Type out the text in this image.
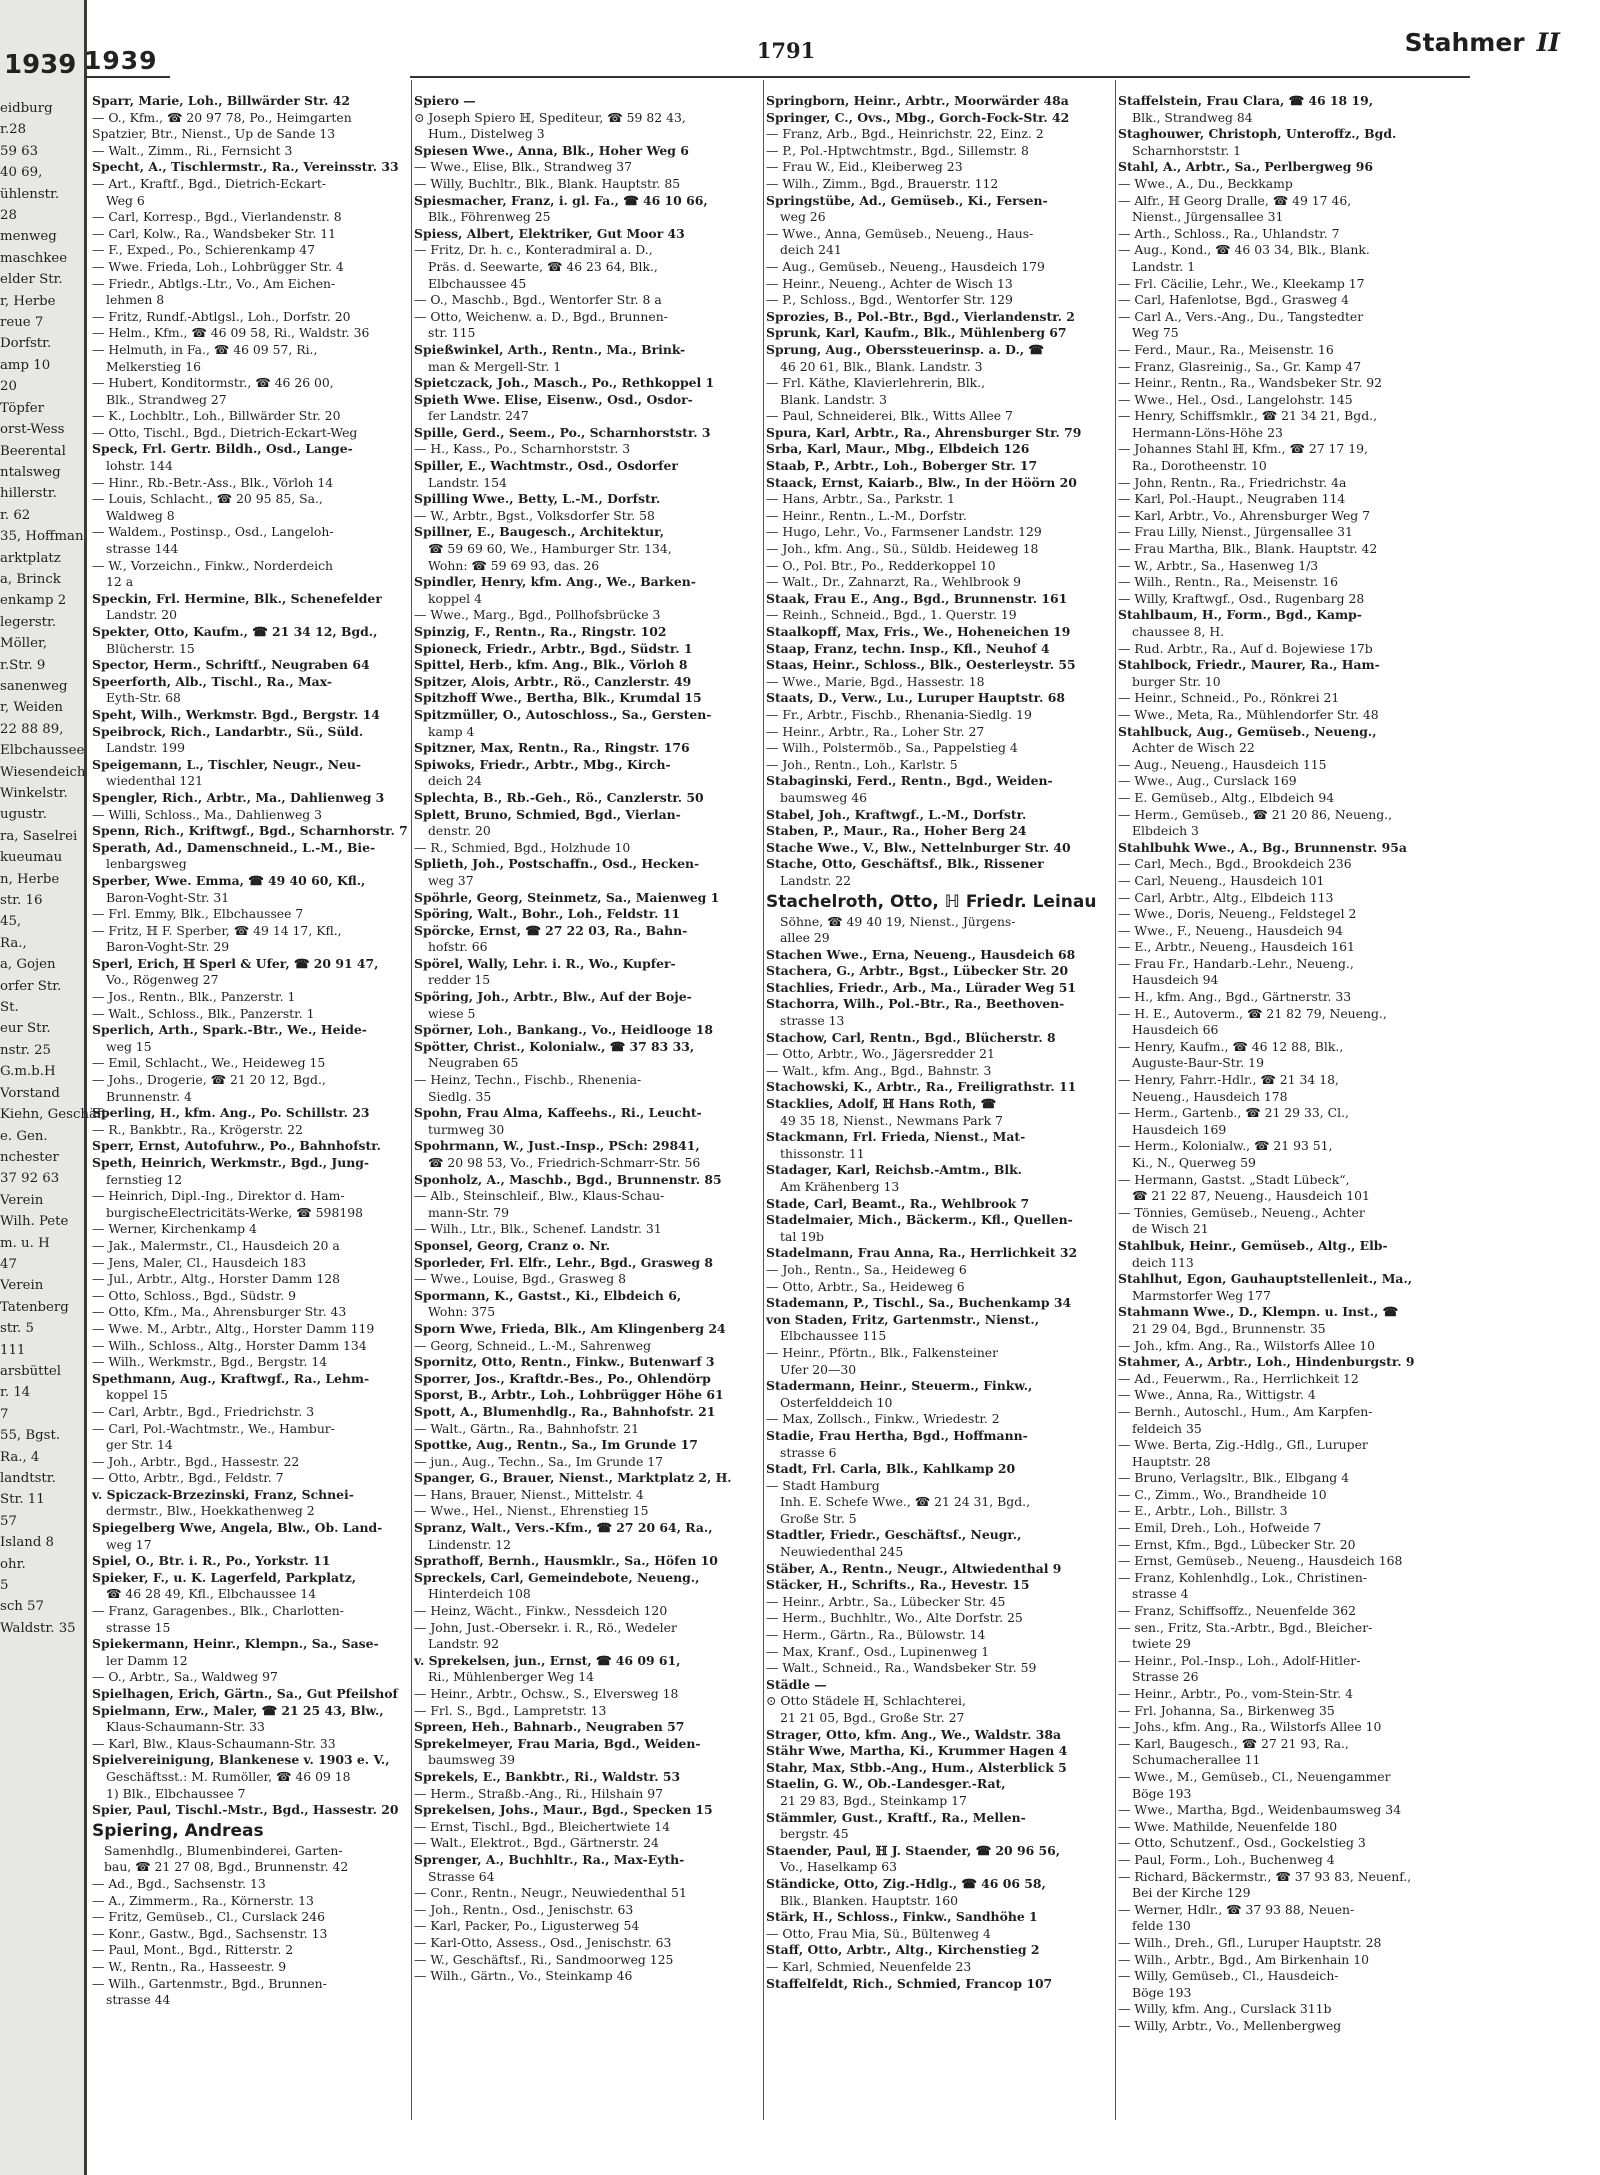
1939
eidburg
r.28
59 63
40 69,
ühlenstr.
28
menweg
maschkee
elder Str.
r, Herbe
reue 7
Dorfstr.
amp 10
20
Töpfer
orst-Wess
Beerental
ntalsweg
hillerstr.
r. 62
35, Hoffman
arktplatz
a, Brinck
enkamp 2
legerstr.
Möller,
r.Str. 9
sanenweg
r, Weiden
22 88 89,
Elbchaussee
Wiesendeich
Winkelstr.
ugustr.
ra, Saselrei
kueumau
n, Herbe
str. 16
45,
Ra.,
a, Gojen
orfer Str.
St.
eur Str.
nstr. 25
G.m.b.H
Vorstand
Kiehn, Geschäft
e. Gen.
nchester
37 92 63
Verein
Wilh. Pete
m. u. H
47
Verein
Tatenberg
str. 5
111
arsbüttel
r. 14
7
55, Bgst.
Ra., 4
landtstr.
Str. 11
57
Island 8
ohr.
5
sch 57
Waldstr. 35
1939	1791	Stahmer II
Sparr, Marie, Loh., Billwärder Str. 42
— O., Kfm., ☎ 20 97 78, Po., Heimgarten
Spatzier, Btr., Nienst., Up de Sande 13
— Walt., Zimm., Ri., Fernsicht 3
Specht, A., Tischlermstr., Ra., Vereinsstr. 33
— Art., Kraftf., Bgd., Dietrich-Eckart-
Weg 6
— Carl, Korresp., Bgd., Vierlandenstr. 8
— Carl, Kolw., Ra., Wandsbeker Str. 11
— F., Exped., Po., Schierenkamp 47
— Wwe. Frieda, Loh., Lohbrügger Str. 4
— Friedr., Abtlgs.-Ltr., Vo., Am Eichen-
lehmen 8
— Fritz, Rundf.-Abtlgsl., Loh., Dorfstr. 20
— Helm., Kfm., ☎ 46 09 58, Ri., Waldstr. 36
— Helmuth, in Fa., ☎ 46 09 57, Ri.,
Melkerstieg 16
— Hubert, Konditormstr., ☎ 46 26 00,
Blk., Strandweg 27
— K., Lochbltr., Loh., Billwärder Str. 20
— Otto, Tischl., Bgd., Dietrich-Eckart-Weg
Speck, Frl. Gertr. Bildh., Osd., Lange-
lohstr. 144
— Hinr., Rb.-Betr.-Ass., Blk., Vörloh 14
— Louis, Schlacht., ☎ 20 95 85, Sa.,
Waldweg 8
— Waldem., Postinsp., Osd., Langeloh-
strasse 144
— W., Vorzeichn., Finkw., Norderdeich
12 a
Speckin, Frl. Hermine, Blk., Schenefelder
Landstr. 20
Spekter, Otto, Kaufm., ☎ 21 34 12, Bgd.,
Blücherstr. 15
Spector, Herm., Schriftf., Neugraben 64
Speerforth, Alb., Tischl., Ra., Max-
Eyth-Str. 68
Speht, Wilh., Werkmstr. Bgd., Bergstr. 14
Speibrock, Rich., Landarbtr., Sü., Süld.
Landstr. 199
Speigemann, L., Tischler, Neugr., Neu-
wiedenthal 121
Spengler, Rich., Arbtr., Ma., Dahlienweg 3
— Willi, Schloss., Ma., Dahlienweg 3
Spenn, Rich., Kriftwgf., Bgd., Scharnhorstr. 7
Sperath, Ad., Damenschneid., L.-M., Bie-
lenbargsweg
Sperber, Wwe. Emma, ☎ 49 40 60, Kfl.,
Baron-Voght-Str. 31
— Frl. Emmy, Blk., Elbchaussee 7
— Fritz, ℍ F. Sperber, ☎ 49 14 17, Kfl.,
Baron-Voght-Str. 29
Sperl, Erich, ℍ Sperl & Ufer, ☎ 20 91 47,
Vo., Rögenweg 27
— Jos., Rentn., Blk., Panzerstr. 1
— Walt., Schloss., Blk., Panzerstr. 1
Sperlich, Arth., Spark.-Btr., We., Heide-
weg 15
— Emil, Schlacht., We., Heideweg 15
— Johs., Drogerie, ☎ 21 20 12, Bgd.,
Brunnenstr. 4
Sperling, H., kfm. Ang., Po. Schillstr. 23
— R., Bankbtr., Ra., Krögerstr. 22
Sperr, Ernst, Autofuhrw., Po., Bahnhofstr.
Speth, Heinrich, Werkmstr., Bgd., Jung-
fernstieg 12
— Heinrich, Dipl.-Ing., Direktor d. Ham-
burgischeElectricitäts-Werke, ☎ 598198
— Werner, Kirchenkamp 4
— Jak., Malermstr., Cl., Hausdeich 20 a
— Jens, Maler, Cl., Hausdeich 183
— Jul., Arbtr., Altg., Horster Damm 128
— Otto, Schloss., Bgd., Südstr. 9
— Otto, Kfm., Ma., Ahrensburger Str. 43
— Wwe. M., Arbtr., Altg., Horster Damm 119
— Wilh., Schloss., Altg., Horster Damm 134
— Wilh., Werkmstr., Bgd., Bergstr. 14
Spethmann, Aug., Kraftwgf., Ra., Lehm-
koppel 15
— Carl, Arbtr., Bgd., Friedrichstr. 3
— Carl, Pol.-Wachtmstr., We., Hambur-
ger Str. 14
— Joh., Arbtr., Bgd., Hassestr. 22
— Otto, Arbtr., Bgd., Feldstr. 7
v. Spiczack-Brzezinski, Franz, Schnei-
dermstr., Blw., Hoekkathenweg 2
Spiegelberg Wwe, Angela, Blw., Ob. Land-
weg 17
Spiel, O., Btr. i. R., Po., Yorkstr. 11
Spieker, F., u. K. Lagerfeld, Parkplatz,
☎ 46 28 49, Kfl., Elbchaussee 14
— Franz, Garagenbes., Blk., Charlotten-
strasse 15
Spiekermann, Heinr., Klempn., Sa., Sase-
ler Damm 12
— O., Arbtr., Sa., Waldweg 97
Spielhagen, Erich, Gärtn., Sa., Gut Pfeilshof
Spielmann, Erw., Maler, ☎ 21 25 43, Blw.,
Klaus-Schaumann-Str. 33
— Karl, Blw., Klaus-Schaumann-Str. 33
Spielvereinigung, Blankenese v. 1903 e. V.,
Geschäftsst.: M. Rumöller, ☎ 46 09 18
1) Blk., Elbchaussee 7
Spier, Paul, Tischl.-Mstr., Bgd., Hassestr. 20
Spiering, Andreas
Samenhdlg., Blumenbinderei, Garten-
bau, ☎ 21 27 08, Bgd., Brunnenstr. 42
— Ad., Bgd., Sachsenstr. 13
— A., Zimmerm., Ra., Körnerstr. 13
— Fritz, Gemüseb., Cl., Curslack 246
— Konr., Gastw., Bgd., Sachsenstr. 13
— Paul, Mont., Bgd., Ritterstr. 2
— W., Rentn., Ra., Hasseestr. 9
— Wilh., Gartenmstr., Bgd., Brunnen-
strasse 44
Spiero —
⊙ Joseph Spiero ℍ, Spediteur, ☎ 59 82 43,
Hum., Distelweg 3
Spiesen Wwe., Anna, Blk., Hoher Weg 6
— Wwe., Elise, Blk., Strandweg 37
— Willy, Buchltr., Blk., Blank. Hauptstr. 85
Spiesmacher, Franz, i. gl. Fa., ☎ 46 10 66,
Blk., Föhrenweg 25
Spiess, Albert, Elektriker, Gut Moor 43
— Fritz, Dr. h. c., Konteradmiral a. D.,
Präs. d. Seewarte, ☎ 46 23 64, Blk.,
Elbchaussee 45
— O., Maschb., Bgd., Wentorfer Str. 8 a
— Otto, Weichenw. a. D., Bgd., Brunnen-
str. 115
Spießwinkel, Arth., Rentn., Ma., Brink-
man & Mergell-Str. 1
Spietczack, Joh., Masch., Po., Rethkoppel 1
Spieth Wwe. Elise, Eisenw., Osd., Osdor-
fer Landstr. 247
Spille, Gerd., Seem., Po., Scharnhorststr. 3
— H., Kass., Po., Scharnhorststr. 3
Spiller, E., Wachtmstr., Osd., Osdorfer
Landstr. 154
Spilling Wwe., Betty, L.-M., Dorfstr.
— W., Arbtr., Bgst., Volksdorfer Str. 58
Spillner, E., Baugesch., Architektur,
☎ 59 69 60, We., Hamburger Str. 134,
Wohn: ☎ 59 69 93, das. 26
Spindler, Henry, kfm. Ang., We., Barken-
koppel 4
— Wwe., Marg., Bgd., Pollhofsbrücke 3
Spinzig, F., Rentn., Ra., Ringstr. 102
Spioneck, Friedr., Arbtr., Bgd., Südstr. 1
Spittel, Herb., kfm. Ang., Blk., Vörloh 8
Spitzer, Alois, Arbtr., Rö., Canzlerstr. 49
Spitzhoff Wwe., Bertha, Blk., Krumdal 15
Spitzmüller, O., Autoschloss., Sa., Gersten-
kamp 4
Spitzner, Max, Rentn., Ra., Ringstr. 176
Spiwoks, Friedr., Arbtr., Mbg., Kirch-
deich 24
Splechta, B., Rb.-Geh., Rö., Canzlerstr. 50
Splett, Bruno, Schmied, Bgd., Vierlan-
denstr. 20
— R., Schmied, Bgd., Holzhude 10
Splieth, Joh., Postschaffn., Osd., Hecken-
weg 37
Spöhrle, Georg, Steinmetz, Sa., Maienweg 1
Spöring, Walt., Bohr., Loh., Feldstr. 11
Spörcke, Ernst, ☎ 27 22 03, Ra., Bahn-
hofstr. 66
Spörel, Wally, Lehr. i. R., Wo., Kupfer-
redder 15
Spöring, Joh., Arbtr., Blw., Auf der Boje-
wiese 5
Spörner, Loh., Bankang., Vo., Heidloogе 18
Spötter, Christ., Kolonialw., ☎ 37 83 33,
Neugraben 65
— Heinz, Techn., Fischb., Rhenenia-
Siedlg. 35
Spohn, Frau Alma, Kaffeehs., Ri., Leucht-
turmweg 30
Spohrmann, W., Just.-Insp., PSch: 29841,
☎ 20 98 53, Vo., Friedrich-Schmarr-Str. 56
Sponholz, A., Maschb., Bgd., Brunnenstr. 85
— Alb., Steinschleif., Blw., Klaus-Schau-
mann-Str. 79
— Wilh., Ltr., Blk., Schenef. Landstr. 31
Sponsel, Georg, Cranz o. Nr.
Sporleder, Frl. Elfr., Lehr., Bgd., Grasweg 8
— Wwe., Louise, Bgd., Grasweg 8
Spormann, K., Gastst., Ki., Elbdeich 6,
Wohn: 375
Sporn Wwe, Frieda, Blk., Am Klingenberg 24
— Georg, Schneid., L.-M., Sahrenweg
Spornitz, Otto, Rentn., Finkw., Butenwarf 3
Sporrer, Jos., Kraftdr.-Bes., Po., Ohlendörp
Sporst, B., Arbtr., Loh., Lohbrügger Höhe 61
Spott, A., Blumenhdlg., Ra., Bahnhofstr. 21
— Walt., Gärtn., Ra., Bahnhofstr. 21
Spottke, Aug., Rentn., Sa., Im Grunde 17
— jun., Aug., Techn., Sa., Im Grunde 17
Spanger, G., Brauer, Nienst., Marktplatz 2, H.
— Hans, Brauer, Nienst., Mittelstr. 4
— Wwe., Hel., Nienst., Ehrenstieg 15
Spranz, Walt., Vers.-Kfm., ☎ 27 20 64, Ra.,
Lindenstr. 12
Sprathoff, Bernh., Hausmklr., Sa., Höfen 10
Spreckels, Carl, Gemeindebote, Neueng.,
Hinterdeich 108
— Heinz, Wächt., Finkw., Nessdeich 120
— John, Just.-Obersekr. i. R., Rö., Wedeler
Landstr. 92
v. Sprekelsen, jun., Ernst, ☎ 46 09 61,
Ri., Mühlenberger Weg 14
— Heinr., Arbtr., Ochsw., S., Elversweg 18
— Frl. S., Bgd., Lampretstr. 13
Spreen, Heh., Bahnarb., Neugraben 57
Sprekelmeyer, Frau Maria, Bgd., Weiden-
baumsweg 39
Sprekels, E., Bankbtr., Ri., Waldstr. 53
— Herm., Straßb.-Ang., Ri., Hilshain 97
Sprekelsen, Johs., Maur., Bgd., Specken 15
— Ernst, Tischl., Bgd., Bleichertwiete 14
— Walt., Elektrot., Bgd., Gärtnerstr. 24
Sprenger, A., Buchhltr., Ra., Max-Eyth-
Strasse 64
— Conr., Rentn., Neugr., Neuwiedenthal 51
— Joh., Rentn., Osd., Jenischstr. 63
— Karl, Packer, Po., Ligusterweg 54
— Karl-Otto, Assess., Osd., Jenischstr. 63
— W., Geschäftsf., Ri., Sandmoorweg 125
— Wilh., Gärtn., Vo., Steinkamp 46
Springborn, Heinr., Arbtr., Moorwärder 48a
Springer, C., Ovs., Mbg., Gorch-Fock-Str. 42
— Franz, Arb., Bgd., Heinrichstr. 22, Einz. 2
— P., Pol.-Hptwchtmstr., Bgd., Sillemstr. 8
— Frau W., Eid., Kleiberweg 23
— Wilh., Zimm., Bgd., Brauerstr. 112
Springstübe, Ad., Gemüseb., Ki., Fersen-
weg 26
— Wwe., Anna, Gemüseb., Neueng., Haus-
deich 241
— Aug., Gemüseb., Neueng., Hausdeich 179
— Heinr., Neueng., Achter de Wisch 13
— P., Schloss., Bgd., Wentorfer Str. 129
Sprozies, B., Pol.-Btr., Bgd., Vierlandenstr. 2
Sprunk, Karl, Kaufm., Blk., Mühlenberg 67
Sprung, Aug., Oberssteuerinsp. a. D., ☎
46 20 61, Blk., Blank. Landstr. 3
— Frl. Käthe, Klavierlehrerin, Blk.,
Blank. Landstr. 3
— Paul, Schneiderei, Blk., Witts Allee 7
Spura, Karl, Arbtr., Ra., Ahrensburger Str. 79
Srba, Karl, Maur., Mbg., Elbdeich 126
Staab, P., Arbtr., Loh., Boberger Str. 17
Staack, Ernst, Kaiarb., Blw., In der Höörn 20
— Hans, Arbtr., Sa., Parkstr. 1
— Heinr., Rentn., L.-M., Dorfstr.
— Hugo, Lehr., Vo., Farmsener Landstr. 129
— Joh., kfm. Ang., Sü., Süldb. Heideweg 18
— O., Pol. Btr., Po., Redderkoppel 10
— Walt., Dr., Zahnarzt, Ra., Wehlbrook 9
Staak, Frau E., Ang., Bgd., Brunnenstr. 161
— Reinh., Schneid., Bgd., 1. Querstr. 19
Staalkopff, Max, Fris., We., Hoheneichen 19
Staap, Franz, techn. Insp., Kfl., Neuhof 4
Staas, Heinr., Schloss., Blk., Oesterleystr. 55
— Wwe., Marie, Bgd., Hassestr. 18
Staats, D., Verw., Lu., Luruper Hauptstr. 68
— Fr., Arbtr., Fischb., Rhenania-Siedlg. 19
— Heinr., Arbtr., Ra., Loher Str. 27
— Wilh., Polstermöb., Sa., Pappelstieg 4
— Joh., Rentn., Loh., Karlstr. 5
Stabaginski, Ferd., Rentn., Bgd., Weiden-
baumsweg 46
Stabel, Joh., Kraftwgf., L.-M., Dorfstr.
Staben, P., Maur., Ra., Hoher Berg 24
Stache Wwe., V., Blw., Nettelnburger Str. 40
Stache, Otto, Geschäftsf., Blk., Rissener
Landstr. 22
Stachelroth, Otto, ℍ Friedr. Leinau
Söhne, ☎ 49 40 19, Nienst., Jürgens-
allee 29
Stachen Wwe., Erna, Neueng., Hausdeich 68
Stachera, G., Arbtr., Bgst., Lübecker Str. 20
Stachlies, Friedr., Arb., Ma., Lürader Weg 51
Stachorra, Wilh., Pol.-Btr., Ra., Beethoven-
strasse 13
Stachow, Carl, Rentn., Bgd., Blücherstr. 8
— Otto, Arbtr., Wo., Jägersredder 21
— Walt., kfm. Ang., Bgd., Bahnstr. 3
Stachowski, K., Arbtr., Ra., Freiligrathstr. 11
Stacklies, Adolf, ℍ Hans Roth, ☎
49 35 18, Nienst., Newmans Park 7
Stackmann, Frl. Frieda, Nienst., Mat-
thissonstr. 11
Stadager, Karl, Reichsb.-Amtm., Blk.
Am Krähenberg 13
Stade, Carl, Beamt., Ra., Wehlbrook 7
Stadelmaier, Mich., Bäckerm., Kfl., Quellen-
tal 19b
Stadelmann, Frau Anna, Ra., Herrlichkeit 32
— Joh., Rentn., Sa., Heideweg 6
— Otto, Arbtr., Sa., Heideweg 6
Stademann, P., Tischl., Sa., Buchenkamp 34
von Staden, Fritz, Gartenmstr., Nienst.,
Elbchaussee 115
— Heinr., Pförtn., Blk., Falkensteiner
Ufer 20—30
Stadermann, Heinr., Steuerm., Finkw.,
Osterfelddeich 10
— Max, Zollsch., Finkw., Wriedestr. 2
Stadie, Frau Hertha, Bgd., Hoffmann-
strasse 6
Stadt, Frl. Carla, Blk., Kahlkamp 20
— Stadt Hamburg
Inh. E. Schefe Wwe., ☎ 21 24 31, Bgd.,
Große Str. 5
Stadtler, Friedr., Geschäftsf., Neugr.,
Neuwiedenthal 245
Stäber, A., Rentn., Neugr., Altwiedenthal 9
Stäcker, H., Schrifts., Ra., Hevestr. 15
— Heinr., Arbtr., Sa., Lübecker Str. 45
— Herm., Buchhltr., Wo., Alte Dorfstr. 25
— Herm., Gärtn., Ra., Bülowstr. 14
— Max, Kranf., Osd., Lupinenweg 1
— Walt., Schneid., Ra., Wandsbeker Str. 59
Städle —
⊙ Otto Städele ℍ, Schlachterei,
21 21 05, Bgd., Große Str. 27
Strager, Otto, kfm. Ang., We., Waldstr. 38a
Stähr Wwe, Martha, Ki., Krummer Hagen 4
Stahr, Max, Stbb.-Ang., Hum., Alsterblick 5
Staelin, G. W., Ob.-Landesger.-Rat,
21 29 83, Bgd., Steinkamp 17
Stämmler, Gust., Kraftf., Ra., Mellen-
bergstr. 45
Staender, Paul, ℍ J. Staender, ☎ 20 96 56,
Vo., Haselkamp 63
Ständicke, Otto, Zig.-Hdlg., ☎ 46 06 58,
Blk., Blanken. Hauptstr. 160
Stärk, H., Schloss., Finkw., Sandhöhe 1
— Otto, Frau Mia, Sü., Bültenweg 4
Staff, Otto, Arbtr., Altg., Kirchenstieg 2
— Karl, Schmied, Neuenfelde 23
Staffelfeldt, Rich., Schmied, Francop 107
Staffelstein, Frau Clara, ☎ 46 18 19,
Blk., Strandweg 84
Staghouwer, Christoph, Unteroffz., Bgd.
Scharnhorststr. 1
Stahl, A., Arbtr., Sa., Perlbergweg 96
— Wwe., A., Du., Beckkamp
— Alfr., ℍ Georg Dralle, ☎ 49 17 46,
Nienst., Jürgensallee 31
— Arth., Schloss., Ra., Uhlandstr. 7
— Aug., Kond., ☎ 46 03 34, Blk., Blank.
Landstr. 1
— Frl. Cäcilie, Lehr., We., Kleekamp 17
— Carl, Hafenlotse, Bgd., Grasweg 4
— Carl A., Vers.-Ang., Du., Tangstedter
Weg 75
— Ferd., Maur., Ra., Meisenstr. 16
— Franz, Glasreinig., Sa., Gr. Kamp 47
— Heinr., Rentn., Ra., Wandsbeker Str. 92
— Wwe., Hel., Osd., Langelohstr. 145
— Henry, Schiffsmklr., ☎ 21 34 21, Bgd.,
Hermann-Löns-Höhe 23
— Johannes Stahl ℍ, Kfm., ☎ 27 17 19,
Ra., Dorotheenstr. 10
— John, Rentn., Ra., Friedrichstr. 4a
— Karl, Pol.-Haupt., Neugraben 114
— Karl, Arbtr., Vo., Ahrensburger Weg 7
— Frau Lilly, Nienst., Jürgensallee 31
— Frau Martha, Blk., Blank. Hauptstr. 42
— W., Arbtr., Sa., Hasenweg 1/3
— Wilh., Rentn., Ra., Meisenstr. 16
— Willy, Kraftwgf., Osd., Rugenbarg 28
Stahlbaum, H., Form., Bgd., Kamp-
chaussee 8, H.
— Rud. Arbtr., Ra., Auf d. Bojewiese 17b
Stahlbock, Friedr., Maurer, Ra., Ham-
burger Str. 10
— Heinr., Schneid., Po., Rönkrei 21
— Wwe., Meta, Ra., Mühlendorfer Str. 48
Stahlbuck, Aug., Gemüseb., Neueng.,
Achter de Wisch 22
— Aug., Neueng., Hausdeich 115
— Wwe., Aug., Curslack 169
— E. Gemüseb., Altg., Elbdeich 94
— Herm., Gemüseb., ☎ 21 20 86, Neueng.,
Elbdeich 3
Stahlbuhk Wwe., A., Bg., Brunnenstr. 95a
— Carl, Mech., Bgd., Brookdeich 236
— Carl, Neueng., Hausdeich 101
— Carl, Arbtr., Altg., Elbdeich 113
— Wwe., Doris, Neueng., Feldstegel 2
— Wwe., F., Neueng., Hausdeich 94
— E., Arbtr., Neueng., Hausdeich 161
— Frau Fr., Handarb.-Lehr., Neueng.,
Hausdeich 94
— H., kfm. Ang., Bgd., Gärtnerstr. 33
— H. E., Autoverm., ☎ 21 82 79, Neueng.,
Hausdeich 66
— Henry, Kaufm., ☎ 46 12 88, Blk.,
Auguste-Baur-Str. 19
— Henry, Fahrr.-Hdlr., ☎ 21 34 18,
Neueng., Hausdeich 178
— Herm., Gartenb., ☎ 21 29 33, Cl.,
Hausdeich 169
— Herm., Kolonialw., ☎ 21 93 51,
Ki., N., Querweg 59
— Hermann, Gastst. „Stadt Lübeck“,
☎ 21 22 87, Neueng., Hausdeich 101
— Tönnies, Gemüseb., Neueng., Achter
de Wisch 21
Stahlbuk, Heinr., Gemüseb., Altg., Elb-
deich 113
Stahlhut, Egon, Gauhauptstellenleit., Ma.,
Marmstorfer Weg 177
Stahmann Wwe., D., Klempn. u. Inst., ☎
21 29 04, Bgd., Brunnenstr. 35
— Joh., kfm. Ang., Ra., Wilstorfs Allee 10
Stahmer, A., Arbtr., Loh., Hindenburgstr. 9
— Ad., Feuerwm., Ra., Herrlichkeit 12
— Wwe., Anna, Ra., Wittigstr. 4
— Bernh., Autoschl., Hum., Am Karpfen-
feldeich 35
— Wwe. Berta, Zig.-Hdlg., Gfl., Luruper
Hauptstr. 28
— Bruno, Verlagsltr., Blk., Elbgang 4
— C., Zimm., Wo., Brandheide 10
— E., Arbtr., Loh., Billstr. 3
— Emil, Dreh., Loh., Hofweide 7
— Ernst, Kfm., Bgd., Lübecker Str. 20
— Ernst, Gemüseb., Neueng., Hausdeich 168
— Franz, Kohlenhdlg., Lok., Christinen-
strasse 4
— Franz, Schiffsoffz., Neuenfelde 362
— sen., Fritz, Sta.-Arbtr., Bgd., Bleicher-
twiete 29
— Heinr., Pol.-Insp., Loh., Adolf-Hitler-
Strasse 26
— Heinr., Arbtr., Po., vom-Stein-Str. 4
— Frl. Johanna, Sa., Birkenweg 35
— Johs., kfm. Ang., Ra., Wilstorfs Allee 10
— Karl, Baugesch., ☎ 27 21 93, Ra.,
Schumacherallee 11
— Wwe., M., Gemüseb., Cl., Neuengammer
Böge 193
— Wwe., Martha, Bgd., Weidenbaumsweg 34
— Wwe. Mathilde, Neuenfelde 180
— Otto, Schutzenf., Osd., Gockelstieg 3
— Paul, Form., Loh., Buchenweg 4
— Richard, Bäckermstr., ☎ 37 93 83, Neuenf.,
Bei der Kirche 129
— Werner, Hdlr., ☎ 37 93 88, Neuen-
felde 130
— Wilh., Dreh., Gfl., Luruper Hauptstr. 28
— Wilh., Arbtr., Bgd., Am Birkenhain 10
— Willy, Gemüseb., Cl., Hausdeich-
Böge 193
— Willy, kfm. Ang., Curslack 311b
— Willy, Arbtr., Vo., Mellenbergweg
